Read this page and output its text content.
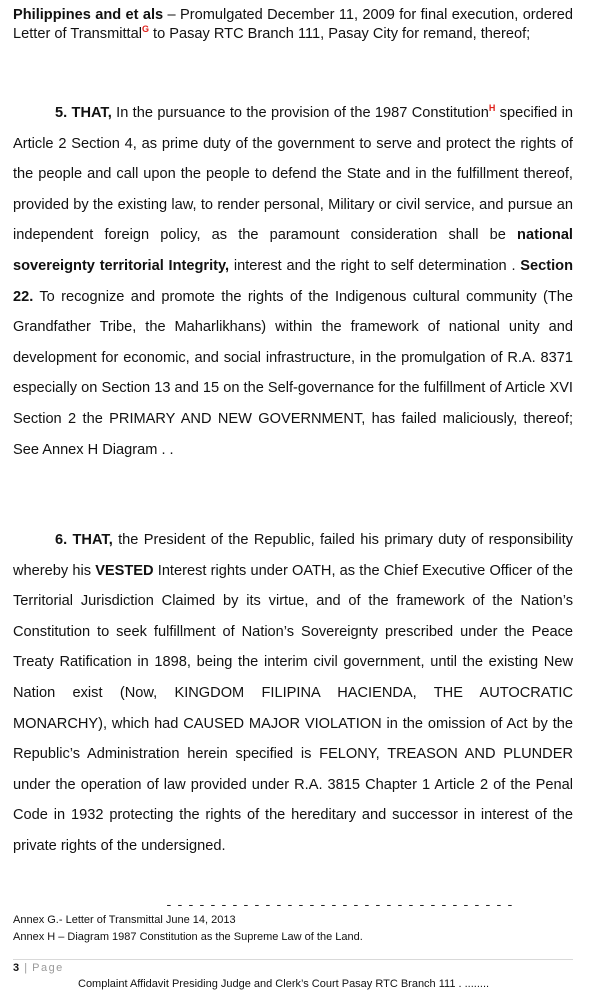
Philippines and et als – Promulgated December 11, 2009 for final execution, ordered Letter of Transmittal$^G$ to Pasay RTC Branch 111, Pasay City for remand, thereof;
5. THAT, In the pursuance to the provision of the 1987 Constitution$^H$ specified in Article 2 Section 4, as prime duty of the government to serve and protect the rights of the people and call upon the people to defend the State and in the fulfillment thereof, provided by the existing law, to render personal, Military or civil service, and pursue an independent foreign policy, as the paramount consideration shall be national sovereignty territorial Integrity, interest and the right to self determination . Section 22. To recognize and promote the rights of the Indigenous cultural community (The Grandfather Tribe, the Maharlikhans) within the framework of national unity and development for economic, and social infrastructure, in the promulgation of R.A. 8371 especially on Section 13 and 15 on the Self-governance for the fulfillment of Article XVI Section 2 the PRIMARY AND NEW GOVERNMENT, has failed maliciously, thereof; See Annex H Diagram . .
6. THAT, the President of the Republic, failed his primary duty of responsibility whereby his VESTED Interest rights under OATH, as the Chief Executive Officer of the Territorial Jurisdiction Claimed by its virtue, and of the framework of the Nation’s Constitution to seek fulfillment of Nation’s Sovereignty prescribed under the Peace Treaty Ratification in 1898, being the interim civil government, until the existing New Nation exist (Now, KINGDOM FILIPINA HACIENDA, THE AUTOCRATIC MONARCHY), which had CAUSED MAJOR VIOLATION in the omission of Act by the Republic’s Administration herein specified is FELONY, TREASON AND PLUNDER under the operation of law provided under R.A. 3815 Chapter 1 Article 2 of the Penal Code in 1932 protecting the rights of the hereditary and successor in interest of the private rights of the undersigned.
--------------------------------
Annex G.- Letter of Transmittal June 14, 2013
Annex H – Diagram 1987 Constitution as the Supreme Law of the Land.
3 | Page
Complaint Affidavit Presiding Judge and Clerk’s Court Pasay RTC Branch 111 . ........
